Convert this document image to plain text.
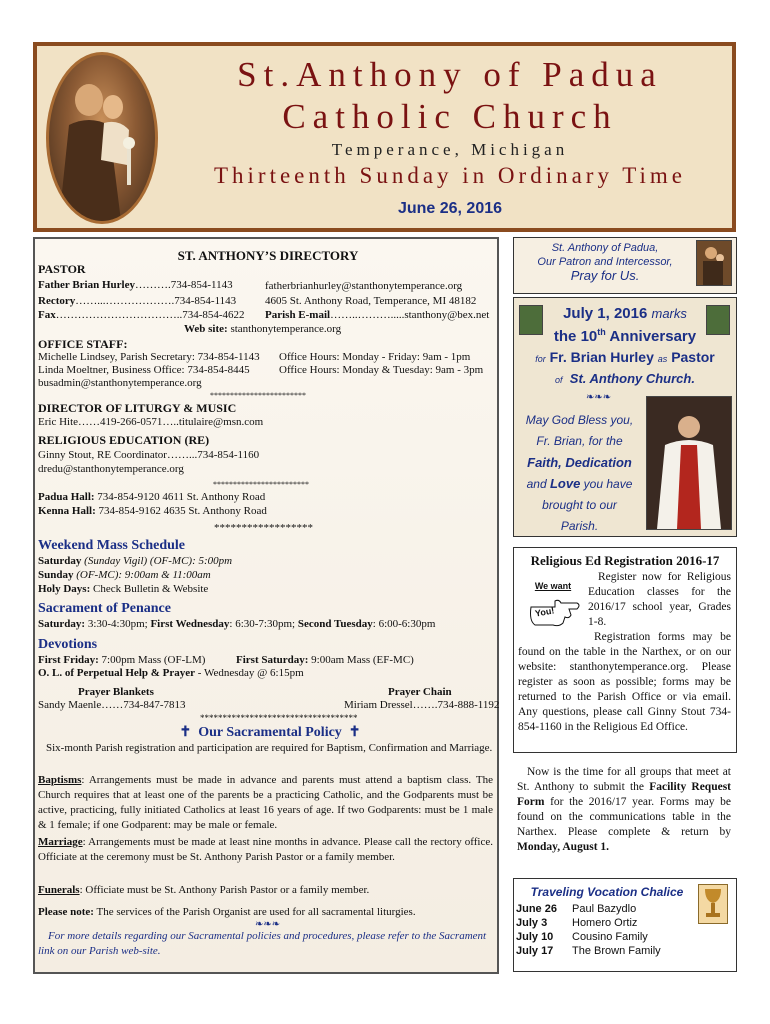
St.Anthony of Padua
Catholic Church
Temperance, Michigan
Thirteenth Sunday in Ordinary Time
June 26, 2016
ST. ANTHONY’S DIRECTORY
PASTOR
Father Brian Hurley……….734-854-1143	fatherbrianhurley@stanthonytemperance.org
Rectory……...……………….734-854-1143	4605 St. Anthony Road, Temperance, MI 48182
Fax……………………………..734-854-4622 Parish E-mail……..……….....stanthony@bex.net
Web site: stanthonytemperance.org
OFFICE STAFF:
Michelle Lindsey, Parish Secretary: 734-854-1143 Office Hours: Monday - Friday: 9am - 1pm
Linda Moeltner, Business Office: 734-854-8445	Office Hours: Monday & Tuesday: 9am - 3pm
busadmin@stanthonytemperance.org
************************
DIRECTOR OF LITURGY & MUSIC
Eric Hite……419-266-0571…..titulaire@msn.com
RELIGIOUS EDUCATION (RE)
Ginny Stout, RE Coordinator……...734-854-1160
dredu@stanthonytemperance.org
************************
Padua Hall: 734-854-9120 4611 St. Anthony Road
Kenna Hall: 734-854-9162 4635 St. Anthony Road
******************
Weekend Mass Schedule
Saturday (Sunday Vigil) (OF-MC): 5:00pm
Sunday (OF-MC): 9:00am & 11:00am
Holy Days: Check Bulletin & Website
Sacrament of Penance
Saturday: 3:30-4:30pm; First Wednesday: 6:30-7:30pm; Second Tuesday: 6:00-6:30pm
Devotions
First Friday: 7:00pm Mass (OF-LM)	First Saturday: 9:00am Mass (EF-MC)
O. L. of Perpetual Help & Prayer - Wednesday @ 6:15pm
Prayer Blankets
Sandy Maenle……734-847-7813
Prayer Chain
Miriam Dressel…….734-888-1192
***********************************
✝ Our Sacramental Policy ✝
Six-month Parish registration and participation are required for Baptism, Confirmation and Marriage.
Baptisms: Arrangements must be made in advance and parents must attend a baptism class. The Church requires that at least one of the parents be a practicing Catholic, and the Godparents must be active, practicing, fully initiated Catholics at least 16 years of age. If two Godparents: must be 1 male & 1 female; if one Godparent: may be male or female.
Marriage: Arrangements must be made at least nine months in advance. Please call the rectory office. Officiate at the ceremony must be St. Anthony Parish Pastor or a family member.
Funerals: Officiate must be St. Anthony Parish Pastor or a family member.
Please note: The services of the Parish Organist are used for all sacramental liturgies.
❧❧❧
For more details regarding our Sacramental policies and procedures, please refer to the Sacrament link on our Parish web-site.
St. Anthony of Padua,
Our Patron and Intercessor,
Pray for Us.
July 1, 2016 marks
the 10th Anniversary
for Fr. Brian Hurley as Pastor
of St. Anthony Church.
❧❧❧
May God Bless you,
Fr. Brian, for the
Faith, Dedication
and Love you have
brought to our
Parish.
Religious Ed Registration 2016-17
We want
You!
Register now for Religious Education classes for the 2016/17 school year, Grades 1-8.
Registration forms may be found on the table in the Narthex, or on our website: stanthonytemperance.org. Please register as soon as possible; forms may be returned to the Parish Office or via email. Any questions, please call Ginny Stout 734-854-1160 in the Religious Ed Office.
Now is the time for all groups that meet at St. Anthony to submit the Facility Request Form for the 2016/17 year. Forms may be found on the communications table in the Narthex. Please complete & return by Monday, August 1.
Traveling Vocation Chalice
June 26	Paul Bazydlo
July 3	Homero Ortiz
July 10	Cousino Family
July 17	The Brown Family
